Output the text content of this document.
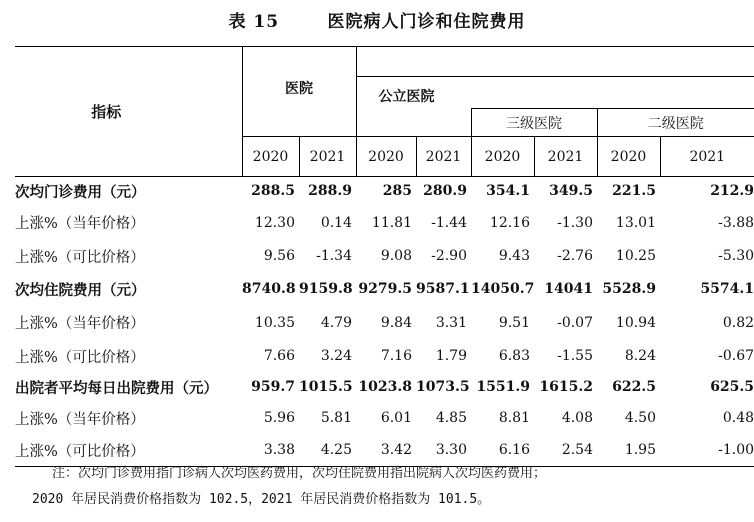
表 15       医院病人门诊和住院费用
指标	医院							
			公立医院					
					三级医院		二级医院	
	2020	2021	2020	2021	2020	2021	2020	2021
次均门诊费用（元）	288.5	288.9	285	280.9	354.1	349.5	221.5	212.9
上涨%（当年价格）	12.30	0.14	11.81	-1.44	12.16	-1.30	13.01	-3.88
上涨%（可比价格）	9.56	-1.34	9.08	-2.90	9.43	-2.76	10.25	-5.30
次均住院费用（元）	8740.8	9159.8	9279.5	9587.1	14050.7	14041	5528.9	5574.1
上涨%（当年价格）	10.35	4.79	9.84	3.31	9.51	-0.07	10.94	0.82
上涨%（可比价格）	7.66	3.24	7.16	1.79	6.83	-1.55	8.24	-0.67
出院者平均每日出院费用（元）	959.7	1015.5	1023.8	1073.5	1551.9	1615.2	622.5	625.5
上涨%（当年价格）	5.96	5.81	6.01	4.85	8.81	4.08	4.50	0.48
上涨%（可比价格）	3.38	4.25	3.42	3.30	6.16	2.54	1.95	-1.00
注：次均门诊费用指门诊病人次均医药费用，次均住院费用指出院病人次均医药费用；
2020 年居民消费价格指数为 102.5，2021 年居民消费价格指数为 101.5。
